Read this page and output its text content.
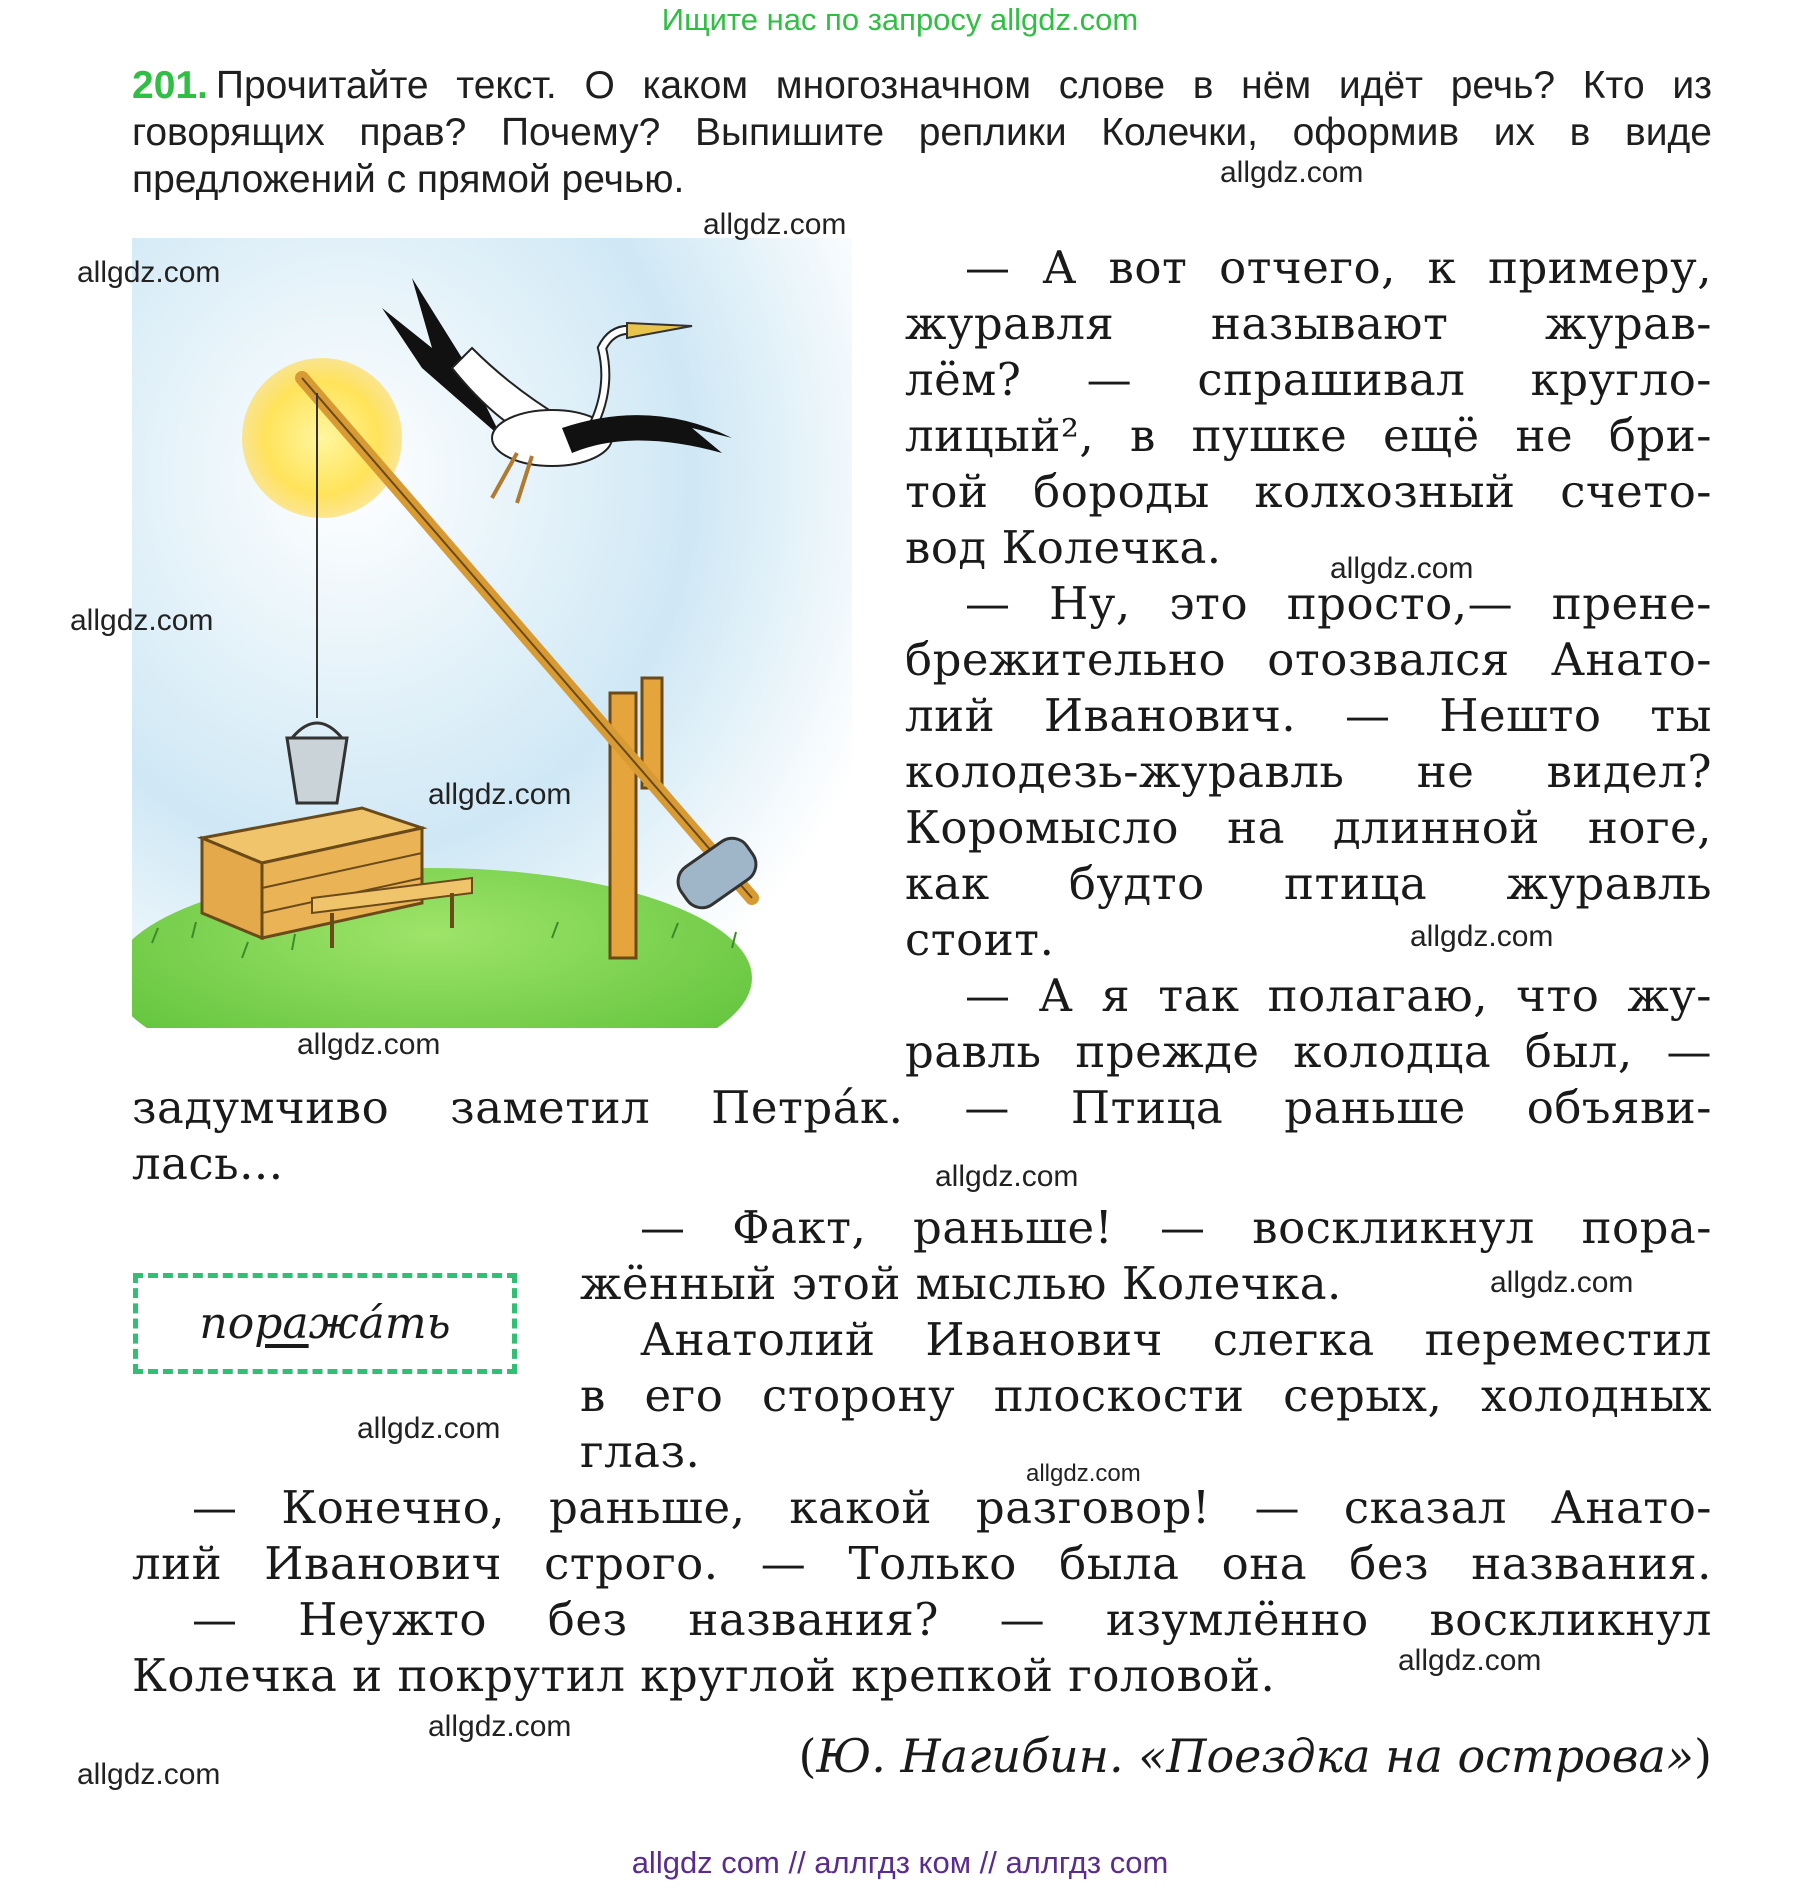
Ищите нас по запросу allgdz.com
201. Прочитайте текст. О каком многозначном слове в нём идёт речь? Кто из говорящих прав? Почему? Выпишите реплики Колечки, оформив их в виде предложений с прямой речью.
— А вот отчего, к примеру,
журавля называют журав-
лём? — спрашивал кругло-
лицый², в пушке ещё не бри-
той бороды колхозный счето-
вод Колечка.
— Ну, это просто,— прене-
брежительно отозвался Анато-
лий Иванович. — Нешто ты
колодезь-журавль не видел?
Коромысло на длинной ноге,
как будто птица журавль
стоит.
— А я так полагаю, что жу-
равль прежде колодца был, —
задумчиво заметил Петра́к. — Птица раньше объяви-
лась...
— Факт, раньше! — воскликнул пора-
жённый этой мыслью Колечка.
Анатолий Иванович слегка переместил
в его сторону плоскости серых, холодных
глаз.
— Конечно, раньше, какой разговор! — сказал Анато-
лий Иванович строго. — Только была она без названия.
— Неужто без названия? — изумлённо воскликнул
Колечка и покрутил круглой крепкой головой.
по ра жа́ ть
(Ю. Нагибин. «Поездка на острова»)
allgdz.com
allgdz.com
allgdz.com
allgdz.com
allgdz.com
allgdz.com
allgdz.com
allgdz.com
allgdz.com
allgdz.com
allgdz.com
allgdz.com
allgdz.com
allgdz.com
allgdz.com
allgdz com // аллгдз ком // аллгдз com
